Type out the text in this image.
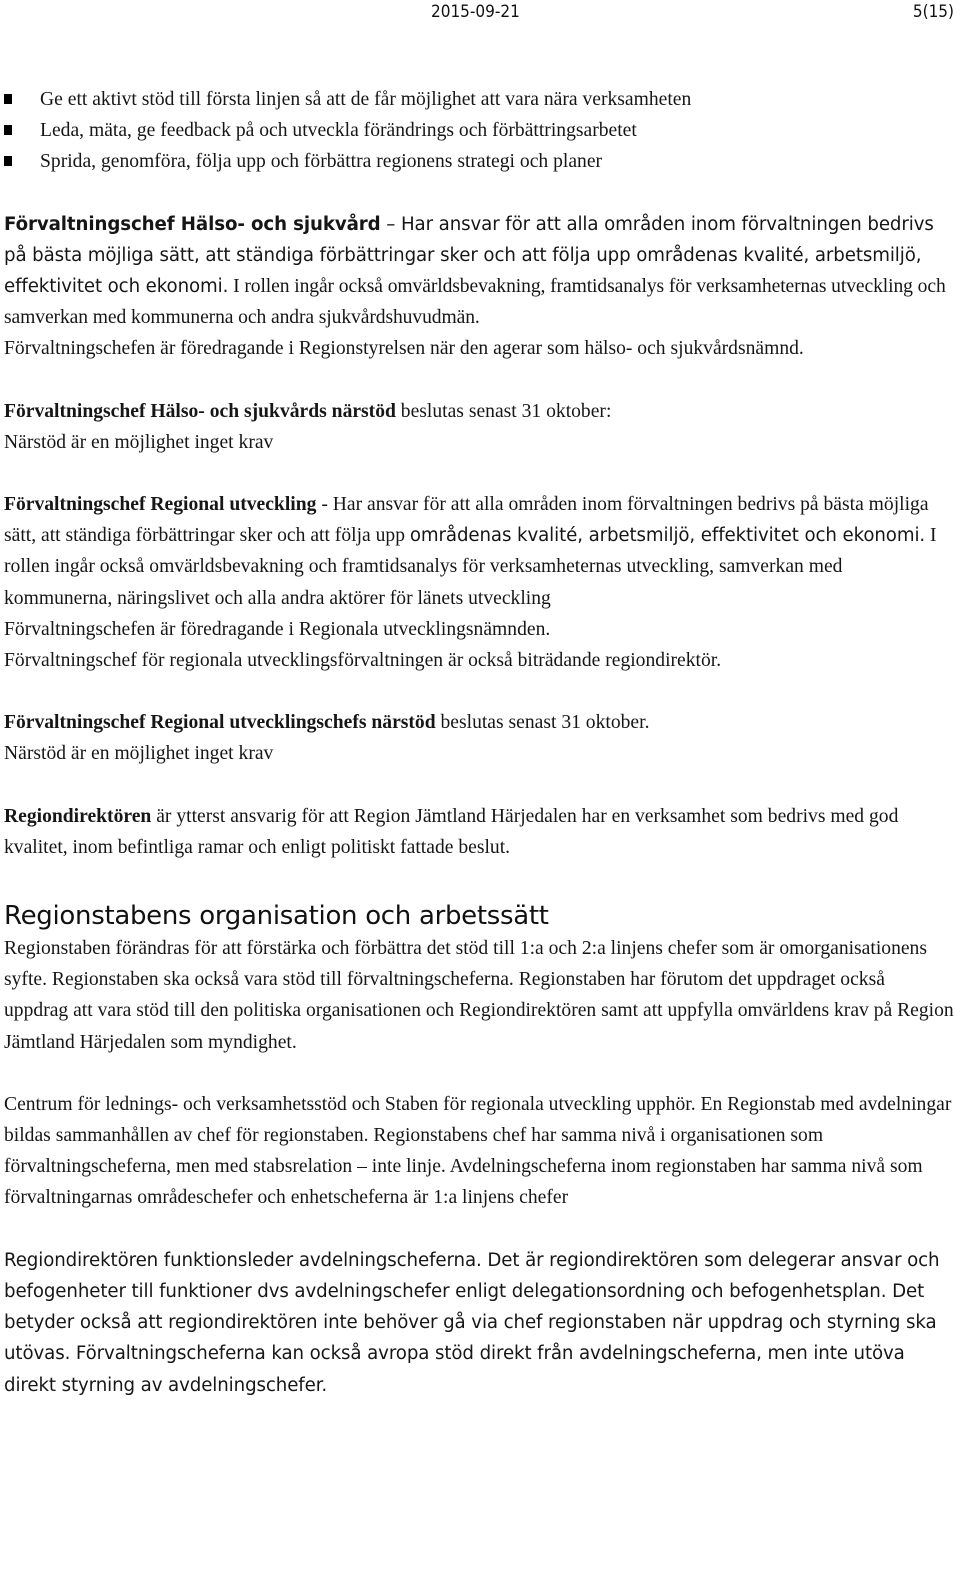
2015-09-21	5(15)
Ge ett aktivt stöd till första linjen så att de får möjlighet att vara nära verksamheten
Leda, mäta, ge feedback på och utveckla förändrings och förbättringsarbetet
Sprida, genomföra, följa upp och förbättra regionens strategi och planer

Förvaltningschef Hälso- och sjukvård – Har ansvar för att alla områden inom förvaltningen bedrivs på bästa möjliga sätt, att ständiga förbättringar sker och att följa upp områdenas kvalité, arbetsmiljö, effektivitet och ekonomi. I rollen ingår också omvärldsbevakning, framtidsanalys för verksamheternas utveckling och samverkan med kommunerna och andra sjukvårdshuvudmän.

Förvaltningschefen är föredragande i Regionstyrelsen när den agerar som hälso- och sjukvårdsnämnd.

Förvaltningschef Hälso- och sjukvårds närstöd beslutas senast 31 oktober:

Närstöd är en möjlighet inget krav

Förvaltningschef Regional utveckling - Har ansvar för att alla områden inom förvaltningen bedrivs på bästa möjliga sätt, att ständiga förbättringar sker och att följa upp områdenas kvalité, arbetsmiljö, effektivitet och ekonomi. I rollen ingår också omvärldsbevakning och framtidsanalys för verksamheternas utveckling, samverkan med kommunerna, näringslivet och alla andra aktörer för länets utveckling

Förvaltningschefen är föredragande i Regionala utvecklingsnämnden.

Förvaltningschef för regionala utvecklingsförvaltningen är också biträdande regiondirektör.

Förvaltningschef Regional utvecklingschefs närstöd beslutas senast 31 oktober.

Närstöd är en möjlighet inget krav

Regiondirektören är ytterst ansvarig för att Region Jämtland Härjedalen har en verksamhet som bedrivs med god kvalitet, inom befintliga ramar och enligt politiskt fattade beslut.

Regionstabens organisation och arbetssätt

Regionstaben förändras för att förstärka och förbättra det stöd till 1:a och 2:a linjens chefer som är omorganisationens syfte. Regionstaben ska också vara stöd till förvaltningscheferna. Regionstaben har förutom det uppdraget också uppdrag att vara stöd till den politiska organisationen och Regiondirektören samt att uppfylla omvärldens krav på Region Jämtland Härjedalen som myndighet.

Centrum för lednings- och verksamhetsstöd och Staben för regionala utveckling upphör. En Regionstab med avdelningar bildas sammanhållen av chef för regionstaben. Regionstabens chef har samma nivå i organisationen som förvaltningscheferna, men med stabsrelation – inte linje. Avdelningscheferna inom regionstaben har samma nivå som förvaltningarnas områdeschefer och enhetscheferna är 1:a linjens chefer

Regiondirektören funktionsleder avdelningscheferna. Det är regiondirektören som delegerar ansvar och befogenheter till funktioner dvs avdelningschefer enligt delegationsordning och befogenhetsplan. Det betyder också att regiondirektören inte behöver gå via chef regionstaben när uppdrag och styrning ska utövas. Förvaltningscheferna kan också avropa stöd direkt från avdelningscheferna, men inte utöva direkt styrning av avdelningschefer.
